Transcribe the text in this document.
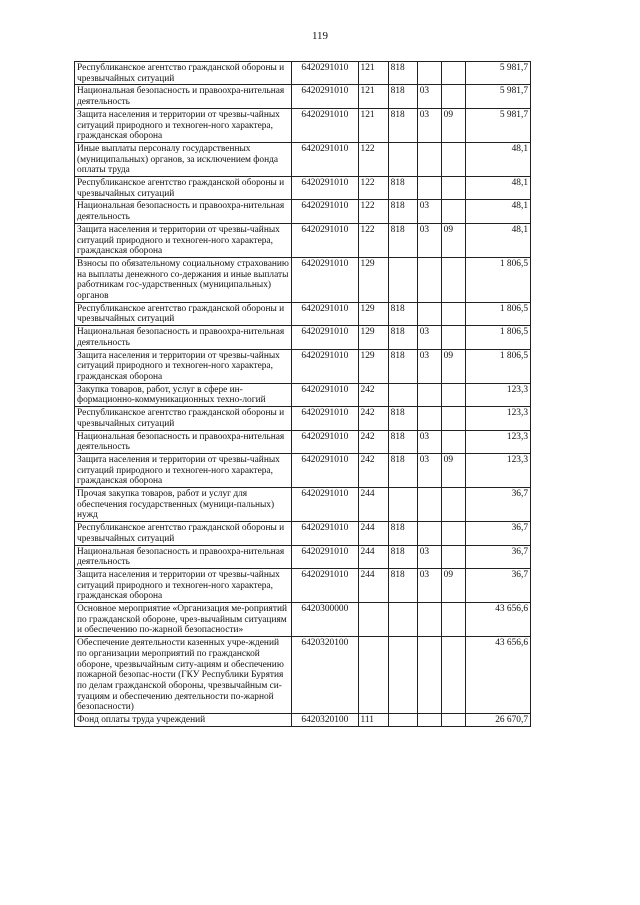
119
Республиканское агентство гражданской обороны и чрезвычайных ситуаций	6420291010	121	818			5 981,7
Национальная безопасность и правоохра-нительная деятельность	6420291010	121	818	03		5 981,7
Защита населения и территории от чрезвы-чайных ситуаций природного и техноген-ного характера, гражданская оборона	6420291010	121	818	03	09	5 981,7
Иные выплаты персоналу государственных (муниципальных) органов, за исключением фонда оплаты труда	6420291010	122				48,1
Республиканское агентство гражданской обороны и чрезвычайных ситуаций	6420291010	122	818			48,1
Национальная безопасность и правоохра-нительная деятельность	6420291010	122	818	03		48,1
Защита населения и территории от чрезвы-чайных ситуаций природного и техноген-ного характера, гражданская оборона	6420291010	122	818	03	09	48,1
Взносы по обязательному социальному страхованию на выплаты денежного со-держания и иные выплаты работникам гос-ударственных (муниципальных) органов	6420291010	129				1 806,5
Республиканское агентство гражданской обороны и чрезвычайных ситуаций	6420291010	129	818			1 806,5
Национальная безопасность и правоохра-нительная деятельность	6420291010	129	818	03		1 806,5
Защита населения и территории от чрезвы-чайных ситуаций природного и техноген-ного характера, гражданская оборона	6420291010	129	818	03	09	1 806,5
Закупка товаров, работ, услуг в сфере ин-формационно-коммуникационных техно-логий	6420291010	242				123,3
Республиканское агентство гражданской обороны и чрезвычайных ситуаций	6420291010	242	818			123,3
Национальная безопасность и правоохра-нительная деятельность	6420291010	242	818	03		123,3
Защита населения и территории от чрезвы-чайных ситуаций природного и техноген-ного характера, гражданская оборона	6420291010	242	818	03	09	123,3
Прочая закупка товаров, работ и услуг для обеспечения государственных (муници-пальных) нужд	6420291010	244				36,7
Республиканское агентство гражданской обороны и чрезвычайных ситуаций	6420291010	244	818			36,7
Национальная безопасность и правоохра-нительная деятельность	6420291010	244	818	03		36,7
Защита населения и территории от чрезвы-чайных ситуаций природного и техноген-ного характера, гражданская оборона	6420291010	244	818	03	09	36,7
Основное мероприятие «Организация ме-роприятий по гражданской обороне, чрез-вычайным ситуациям и обеспечению по-жарной безопасности»	6420300000					43 656,6
Обеспечение деятельности казенных учре-ждений по организации мероприятий по гражданской обороне, чрезвычайным ситу-ациям и обеспечению пожарной безопас-ности (ГКУ Республики Бурятия по делам гражданской обороны, чрезвычайным си-туациям и обеспечению деятельности по-жарной безопасности)	6420320100					43 656,6
Фонд оплаты труда учреждений	6420320100	111				26 670,7
